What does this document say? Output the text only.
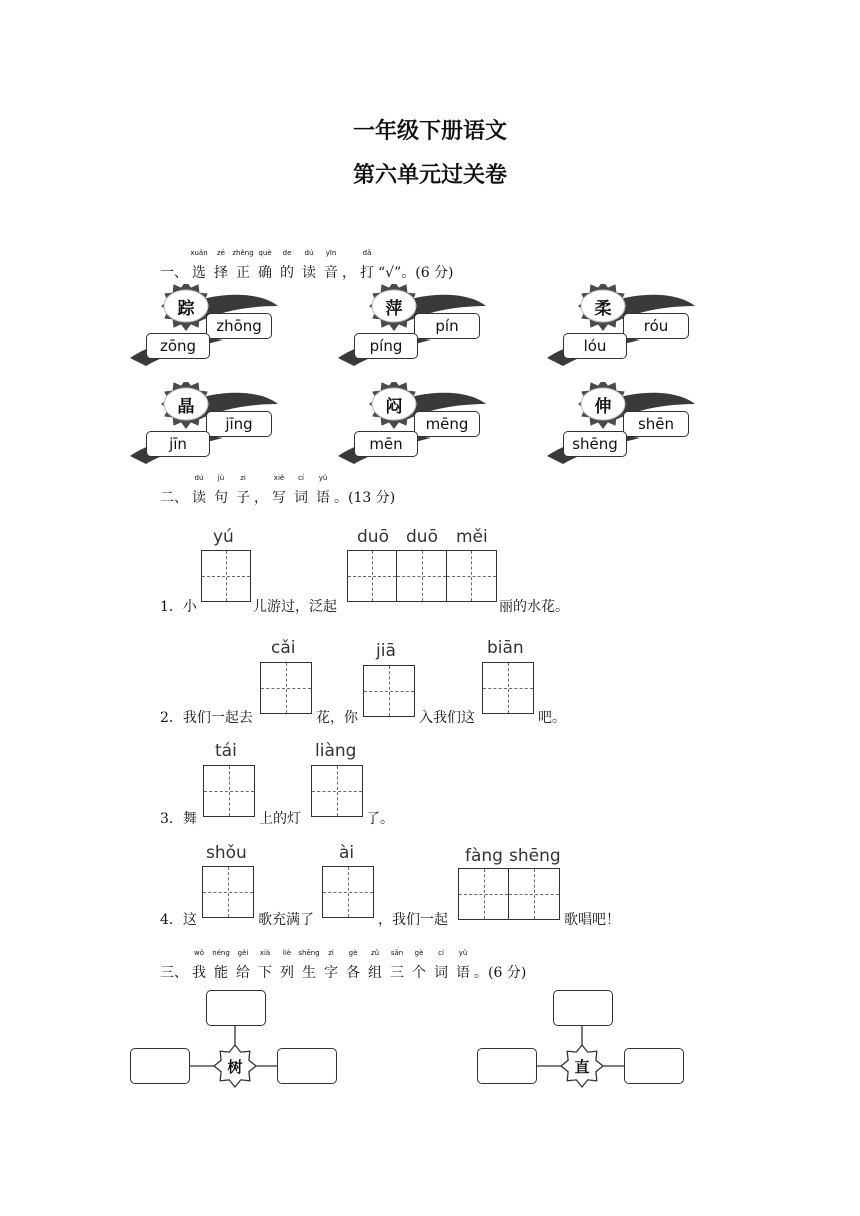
一年级下册语文
第六单元过关卷
一、
xuǎn
选
zé
择
zhèng
正
què
确
de
的
dú
读
yīn
音 ，
dǎ
打 “√”。(6 分)
踪
zhōng
zōng
萍
pín
píng
柔
róu
lóu
晶
jīng
jīn
闷
mēng
mēn
伸
shēn
shēng
二、
dú
读
jù
句
zi
子 ，
xiě
写
cí
词
yǔ
语 。(13 分)
yú	duō duō měi
1．小	儿游过，泛起	丽的水花。
cǎi	jiā	biān
2．我们一起去	花，你	入我们这	吧。
tái	liàng
3．舞	上的灯	了。
shǒu	ài	fàng shēng
4．这	歌充满了	，我们一起	歌唱吧！
三、
wǒ
我
néng
能
gěi
给
xià
下
liè
列
shēng
生
zì
字
gè
各
zǔ
组
sān
三
gè
个
cí
词
yǔ
语 。(6 分)
树	直
